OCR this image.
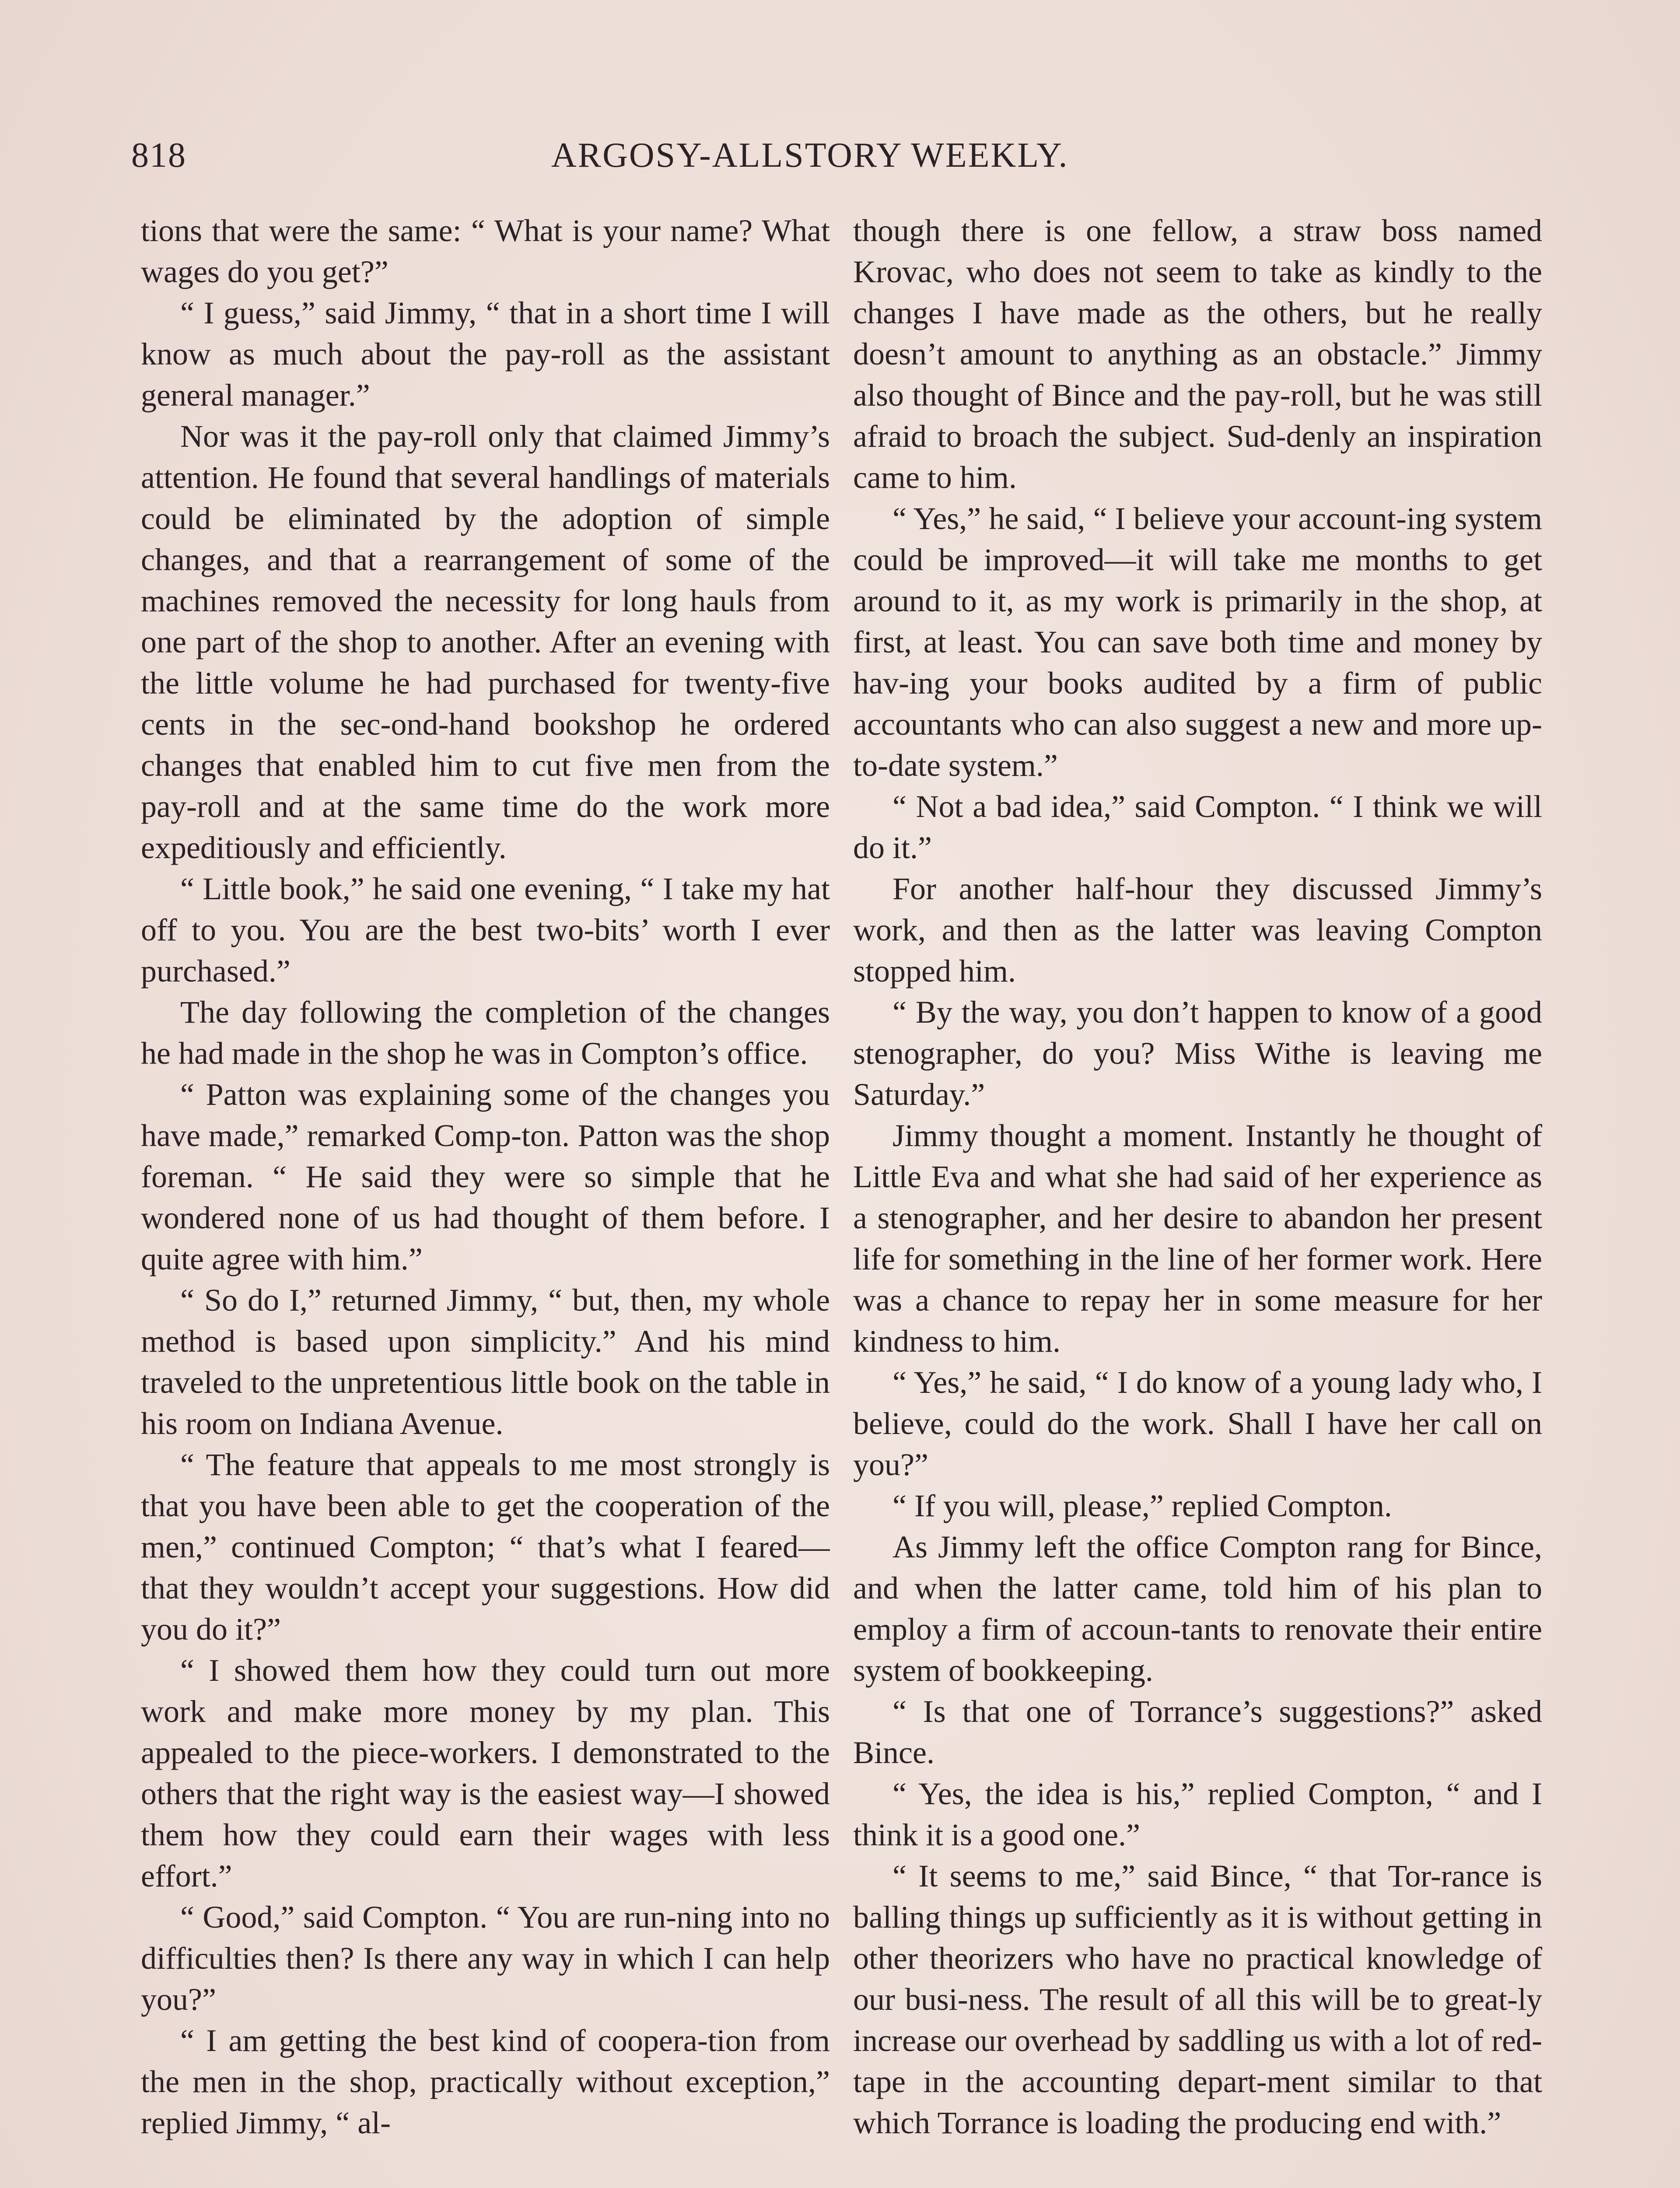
818	ARGOSY-ALLSTORY WEEKLY.

tions that were the same: “ What is your name? What wages do you get?”

“ I guess,” said Jimmy, “ that in a short time I will know as much about the pay-roll as the assistant general manager.”

Nor was it the pay-roll only that claimed Jimmy’s attention. He found that several handlings of materials could be eliminated by the adoption of simple changes, and that a rearrangement of some of the machines removed the necessity for long hauls from one part of the shop to another. After an evening with the little volume he had purchased for twenty-five cents in the sec-ond-hand bookshop he ordered changes that enabled him to cut five men from the pay-roll and at the same time do the work more expeditiously and efficiently.

“ Little book,” he said one evening, “ I take my hat off to you. You are the best two-bits’ worth I ever purchased.”

The day following the completion of the changes he had made in the shop he was in Compton’s office.

“ Patton was explaining some of the changes you have made,” remarked Comp-ton. Patton was the shop foreman. “ He said they were so simple that he wondered none of us had thought of them before. I quite agree with him.”

“ So do I,” returned Jimmy, “ but, then, my whole method is based upon simplicity.” And his mind traveled to the unpretentious little book on the table in his room on Indiana Avenue.

“ The feature that appeals to me most strongly is that you have been able to get the cooperation of the men,” continued Compton; “ that’s what I feared—that they wouldn’t accept your suggestions. How did you do it?”

“ I showed them how they could turn out more work and make more money by my plan. This appealed to the piece-workers. I demonstrated to the others that the right way is the easiest way—I showed them how they could earn their wages with less effort.”

“ Good,” said Compton. “ You are run-ning into no difficulties then? Is there any way in which I can help you?”

“ I am getting the best kind of coopera-tion from the men in the shop, practically without exception,” replied Jimmy, “ al-

though there is one fellow, a straw boss named Krovac, who does not seem to take as kindly to the changes I have made as the others, but he really doesn’t amount to anything as an obstacle.” Jimmy also thought of Bince and the pay-roll, but he was still afraid to broach the subject. Sud-denly an inspiration came to him.

“ Yes,” he said, “ I believe your account-ing system could be improved—it will take me months to get around to it, as my work is primarily in the shop, at first, at least. You can save both time and money by hav-ing your books audited by a firm of public accountants who can also suggest a new and more up-to-date system.”

“ Not a bad idea,” said Compton. “ I think we will do it.”

For another half-hour they discussed Jimmy’s work, and then as the latter was leaving Compton stopped him.

“ By the way, you don’t happen to know of a good stenographer, do you? Miss Withe is leaving me Saturday.”

Jimmy thought a moment. Instantly he thought of Little Eva and what she had said of her experience as a stenographer, and her desire to abandon her present life for something in the line of her former work. Here was a chance to repay her in some measure for her kindness to him.

“ Yes,” he said, “ I do know of a young lady who, I believe, could do the work. Shall I have her call on you?”

“ If you will, please,” replied Compton.

As Jimmy left the office Compton rang for Bince, and when the latter came, told him of his plan to employ a firm of accoun-tants to renovate their entire system of bookkeeping.

“ Is that one of Torrance’s suggestions?” asked Bince.

“ Yes, the idea is his,” replied Compton, “ and I think it is a good one.”

“ It seems to me,” said Bince, “ that Tor-rance is balling things up sufficiently as it is without getting in other theorizers who have no practical knowledge of our busi-ness. The result of all this will be to great-ly increase our overhead by saddling us with a lot of red-tape in the accounting depart-ment similar to that which Torrance is loading the producing end with.”
